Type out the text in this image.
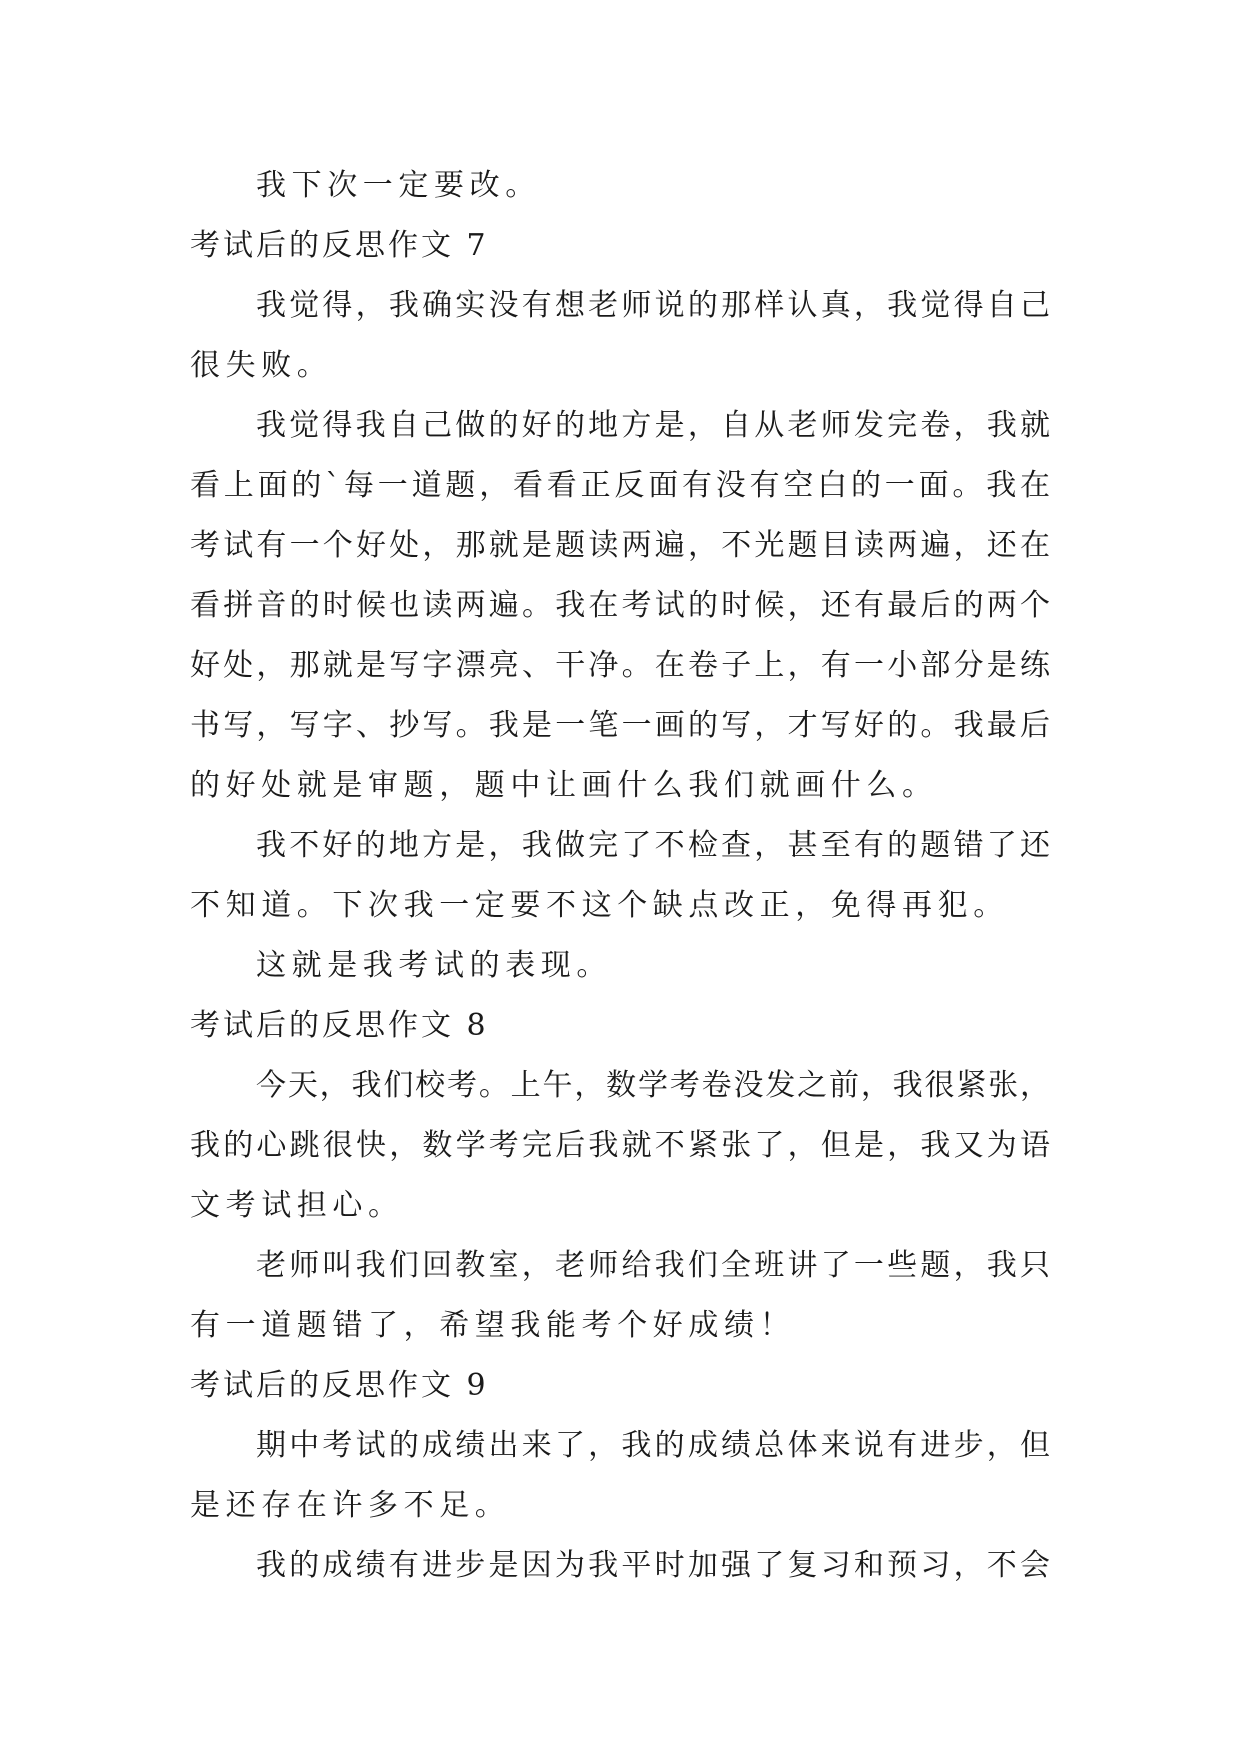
我下次一定要改。
考试后的反思作文 7
我觉得，我确实没有想老师说的那样认真，我觉得自己
很失败。
我觉得我自己做的好的地方是，自从老师发完卷，我就
看上面的`每一道题，看看正反面有没有空白的一面。我在
考试有一个好处，那就是题读两遍，不光题目读两遍，还在
看拼音的时候也读两遍。我在考试的时候，还有最后的两个
好处，那就是写字漂亮、干净。在卷子上，有一小部分是练
书写，写字、抄写。我是一笔一画的写，才写好的。我最后
的好处就是审题，题中让画什么我们就画什么。
我不好的地方是，我做完了不检查，甚至有的题错了还
不知道。下次我一定要不这个缺点改正，免得再犯。
这就是我考试的表现。
考试后的反思作文 8
今天，我们校考。上午，数学考卷没发之前，我很紧张，
我的心跳很快，数学考完后我就不紧张了，但是，我又为语
文考试担心。
老师叫我们回教室，老师给我们全班讲了一些题，我只
有一道题错了，希望我能考个好成绩！
考试后的反思作文 9
期中考试的成绩出来了，我的成绩总体来说有进步，但
是还存在许多不足。
我的成绩有进步是因为我平时加强了复习和预习，不会
